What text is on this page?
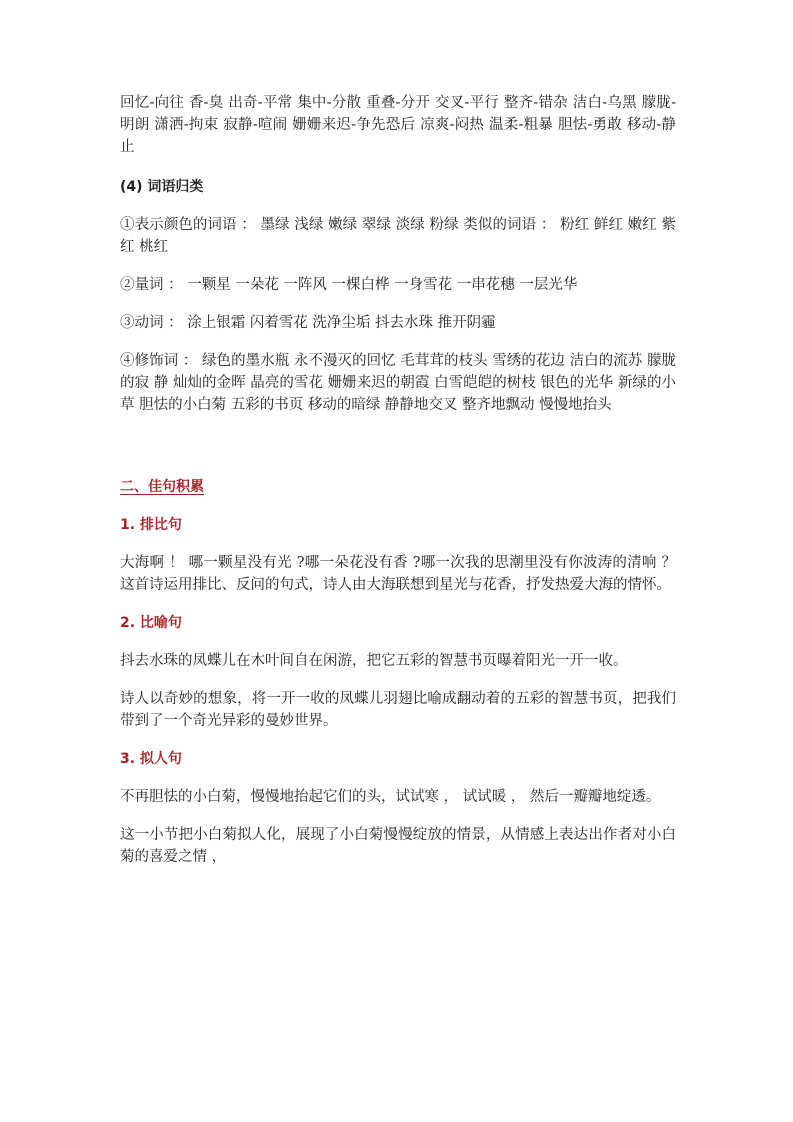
回忆-向往 香-臭 出奇-平常 集中-分散 重叠-分开 交叉-平行 整齐-错杂 洁白-乌黑 朦胧-明朗 潇洒-拘束 寂静-喧闹 姗姗来迟-争先恐后 凉爽-闷热 温柔-粗暴 胆怯-勇敢 移动-静止

(4) 词语归类

①表示颜色的词语 ： 墨绿 浅绿 嫩绿 翠绿 淡绿 粉绿 类似的词语 ： 粉红 鲜红 嫩红 紫红 桃红

②量词 ： 一颗星 一朵花 一阵风 一棵白桦 一身雪花 一串花穗 一层光华

③动词 ： 涂上银霜 闪着雪花 洗净尘垢 抖去水珠 推开阴霾

④修饰词 ： 绿色的墨水瓶 永不漫灭的回忆 毛茸茸的枝头 雪绣的花边 洁白的流苏 朦胧的寂 静 灿灿的金晖 晶亮的雪花 姗姗来迟的朝霞 白雪皑皑的树枝 银色的光华 新绿的小草 胆怯的小白菊 五彩的书页 移动的暗绿 静静地交叉 整齐地飘动 慢慢地抬头

二、佳句积累

1. 排比句

大海啊 ！ 哪一颗星没有光 ?哪一朵花没有香 ?哪一次我的思潮里没有你波涛的清响 ？ 这首诗运用排比、反问的句式，诗人由大海联想到星光与花香，抒发热爱大海的情怀。

2. 比喻句

抖去水珠的凤蝶儿在木叶间自在闲游，把它五彩的智慧书页曝着阳光一开一收。

诗人以奇妙的想象，将一开一收的凤蝶儿羽翅比喻成翻动着的五彩的智慧书页，把我们带到了一个奇光异彩的曼妙世界。

3. 拟人句

不再胆怯的小白菊，慢慢地抬起它们的头，试试寒 ， 试试暖 ， 然后一瓣瓣地绽透。

这一小节把小白菊拟人化，展现了小白菊慢慢绽放的情景，从情感上表达出作者对小白菊的喜爱之情 ，
